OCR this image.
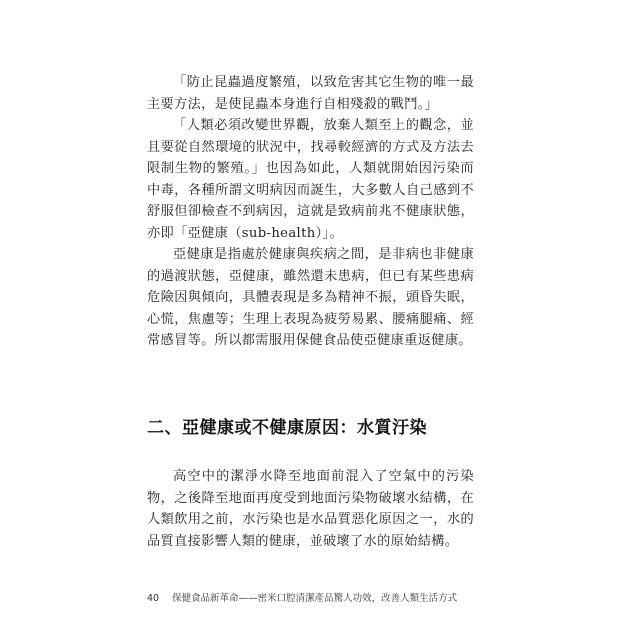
「防止昆蟲過度繁殖，以致危害其它生物的唯一最主要方法，是使昆蟲本身進行自相殘殺的戰鬥。」

「人類必須改變世界觀，放棄人類至上的觀念，並且要從自然環境的狀況中，找尋較經濟的方式及方法去限制生物的繁殖。」也因為如此，人類就開始因污染而中毒，各種所謂文明病因而誕生，大多數人自己感到不舒服但卻檢查不到病因，這就是致病前兆不健康狀態，亦即「亞健康（sub-health）」。

亞健康是指處於健康與疾病之間，是非病也非健康的過渡狀態，亞健康，雖然還未患病，但已有某些患病危險因與傾向，具體表現是多為精神不振，頭昏失眠，心慌，焦慮等；生理上表現為疲勞易累、腰痛腿痛、經常感冒等。所以都需服用保健食品使亞健康重返健康。

二、亞健康或不健康原因：水質汙染

高空中的潔淨水降至地面前混入了空氣中的污染物，之後降至地面再度受到地面污染物破壞水結構，在人類飲用之前，水污染也是水品質惡化原因之一，水的品質直接影響人類的健康，並破壞了水的原始結構。

40 保健食品新革命——密米口腔清潔產品驚人功效，改善人類生活方式
